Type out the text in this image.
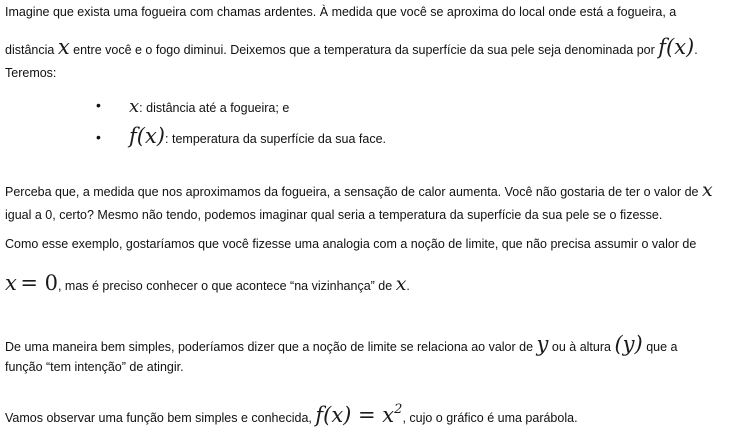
Imagine que exista uma fogueira com chamas ardentes. À medida que você se aproxima do local onde está a fogueira, a
distância x entre você e o fogo diminui. Deixemos que a temperatura da superfície da sua pele seja denominada por f(x).
Teremos:
• x: distância até a fogueira; e
• f(x): temperatura da superfície da sua face.
Perceba que, a medida que nos aproximamos da fogueira, a sensação de calor aumenta. Você não gostaria de ter o valor de x
igual a 0, certo? Mesmo não tendo, podemos imaginar qual seria a temperatura da superfície da sua pele se o fizesse.
Como esse exemplo, gostaríamos que você fizesse uma analogia com a noção de limite, que não precisa assumir o valor de
x = 0, mas é preciso conhecer o que acontece “na vizinhança” de x.
De uma maneira bem simples, poderíamos dizer que a noção de limite se relaciona ao valor de y ou à altura (y) que a
função “tem intenção” de atingir.
Vamos observar uma função bem simples e conhecida, f(x) = x2, cujo o gráfico é uma parábola.
